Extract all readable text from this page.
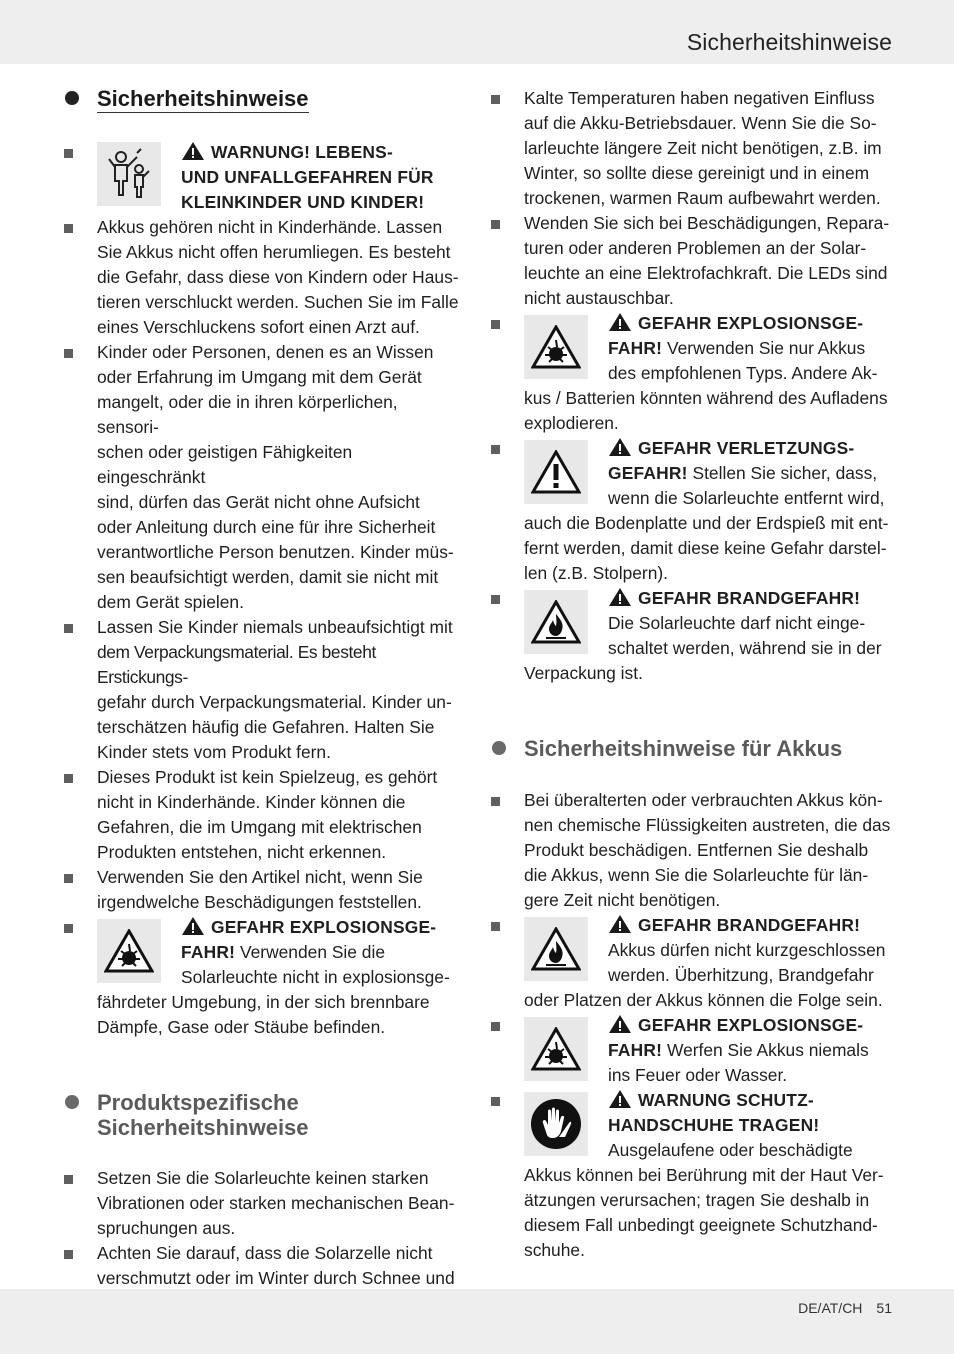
Sicherheitshinweise
Sicherheitshinweise

WARNUNG! LEBENS-

UND UNFALLGEFAHREN FÜR

KLEINKINDER UND KINDER!

Akkus gehören nicht in Kinderhände. Lassen

Sie Akkus nicht offen herumliegen. Es besteht

die Gefahr, dass diese von Kindern oder Haus-

tieren verschluckt werden. Suchen Sie im Falle

eines Verschluckens sofort einen Arzt auf.

Kinder oder Personen, denen es an Wissen

oder Erfahrung im Umgang mit dem Gerät

mangelt, oder die in ihren körperlichen, sensori-

schen oder geistigen Fähigkeiten eingeschränkt

sind, dürfen das Gerät nicht ohne Aufsicht

oder Anleitung durch eine für ihre Sicherheit

verantwortliche Person benutzen. Kinder müs-

sen beaufsichtigt werden, damit sie nicht mit

dem Gerät spielen.

Lassen Sie Kinder niemals unbeaufsichtigt mit

dem Verpackungsmaterial. Es besteht Erstickungs-

gefahr durch Verpackungsmaterial. Kinder un-

terschätzen häufig die Gefahren. Halten Sie

Kinder stets vom Produkt fern.

Dieses Produkt ist kein Spielzeug, es gehört

nicht in Kinderhände. Kinder können die

Gefahren, die im Umgang mit elektrischen

Produkten entstehen, nicht erkennen.

Verwenden Sie den Artikel nicht, wenn Sie

irgendwelche Beschädigungen feststellen.

GEFAHR EXPLOSIONSGE-

FAHR! Verwenden Sie die

Solarleuchte nicht in explosionsge-

fährdeter Umgebung, in der sich brennbare

Dämpfe, Gase oder Stäube befinden.

Produktspezifische
Sicherheitshinweise

Setzen Sie die Solarleuchte keinen starken

Vibrationen oder starken mechanischen Bean-

spruchungen aus.

Achten Sie darauf, dass die Solarzelle nicht

verschmutzt oder im Winter durch Schnee und

Kalte Temperaturen haben negativen Einfluss

auf die Akku-Betriebsdauer. Wenn Sie die So-

larleuchte längere Zeit nicht benötigen, z.B. im

Winter, so sollte diese gereinigt und in einem

trockenen, warmen Raum aufbewahrt werden.

Wenden Sie sich bei Beschädigungen, Repara-

turen oder anderen Problemen an der Solar-

leuchte an eine Elektrofachkraft. Die LEDs sind

nicht austauschbar.

GEFAHR EXPLOSIONSGE-

FAHR! Verwenden Sie nur Akkus

des empfohlenen Typs. Andere Ak-

kus / Batterien könnten während des Aufladens

explodieren.

GEFAHR VERLETZUNGS-

GEFAHR! Stellen Sie sicher, dass,

wenn die Solarleuchte entfernt wird,

auch die Bodenplatte und der Erdspieß mit ent-

fernt werden, damit diese keine Gefahr darstel-

len (z.B. Stolpern).

GEFAHR BRANDGEFAHR!

Die Solarleuchte darf nicht einge-

schaltet werden, während sie in der

Verpackung ist.

Sicherheitshinweise für Akkus

Bei überalterten oder verbrauchten Akkus kön-

nen chemische Flüssigkeiten austreten, die das

Produkt beschädigen. Entfernen Sie deshalb

die Akkus, wenn Sie die Solarleuchte für län-

gere Zeit nicht benötigen.

GEFAHR BRANDGEFAHR!

Akkus dürfen nicht kurzgeschlossen

werden. Überhitzung, Brandgefahr

oder Platzen der Akkus können die Folge sein.

GEFAHR EXPLOSIONSGE-

FAHR! Werfen Sie Akkus niemals

ins Feuer oder Wasser.

WARNUNG SCHUTZ-

HANDSCHUHE TRAGEN!

Ausgelaufene oder beschädigte

Akkus können bei Berührung mit der Haut Ver-

ätzungen verursachen; tragen Sie deshalb in

diesem Fall unbedingt geeignete Schutzhand-

schuhe.

DE/AT/CH 51
